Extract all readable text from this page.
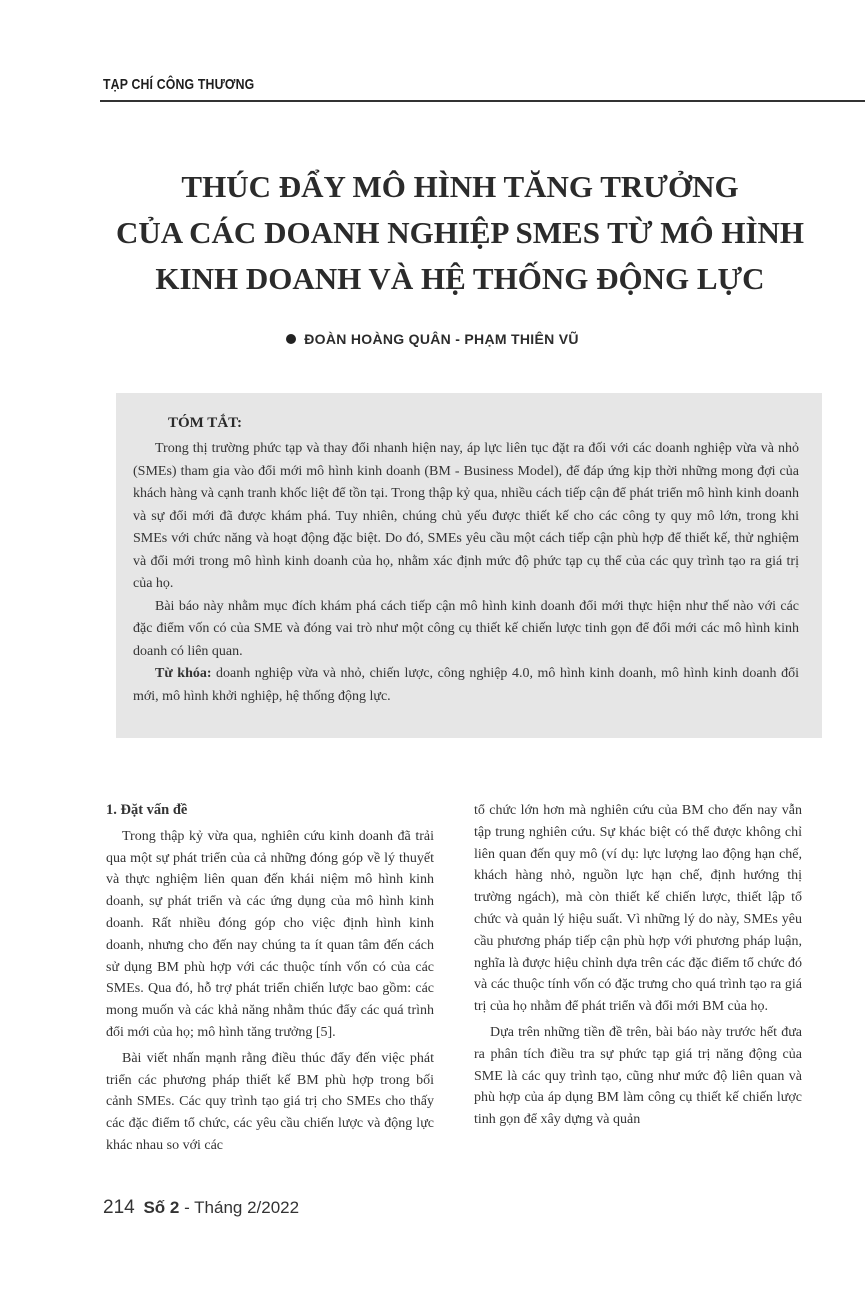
TẠP CHÍ CÔNG THƯƠNG
THÚC ĐẨY MÔ HÌNH TĂNG TRƯỞNG
CỦA CÁC DOANH NGHIỆP SMES TỪ MÔ HÌNH
KINH DOANH VÀ HỆ THỐNG ĐỘNG LỰC
ĐOÀN HOÀNG QUÂN - PHẠM THIÊN VŨ
TÓM TẮT:

Trong thị trường phức tạp và thay đổi nhanh hiện nay, áp lực liên tục đặt ra đối với các doanh nghiệp vừa và nhỏ (SMEs) tham gia vào đổi mới mô hình kinh doanh (BM - Business Model), để đáp ứng kịp thời những mong đợi của khách hàng và cạnh tranh khốc liệt để tồn tại. Trong thập kỷ qua, nhiều cách tiếp cận để phát triển mô hình kinh doanh và sự đổi mới đã được khám phá. Tuy nhiên, chúng chủ yếu được thiết kế cho các công ty quy mô lớn, trong khi SMEs với chức năng và hoạt động đặc biệt. Do đó, SMEs yêu cầu một cách tiếp cận phù hợp để thiết kế, thử nghiệm và đổi mới trong mô hình kinh doanh của họ, nhằm xác định mức độ phức tạp cụ thể của các quy trình tạo ra giá trị của họ.

Bài báo này nhằm mục đích khám phá cách tiếp cận mô hình kinh doanh đổi mới thực hiện như thế nào với các đặc điểm vốn có của SME và đóng vai trò như một công cụ thiết kế chiến lược tinh gọn để đổi mới các mô hình kinh doanh có liên quan.

Từ khóa: doanh nghiệp vừa và nhỏ, chiến lược, công nghiệp 4.0, mô hình kinh doanh, mô hình kinh doanh đổi mới, mô hình khởi nghiệp, hệ thống động lực.

1. Đặt vấn đề

Trong thập kỷ vừa qua, nghiên cứu kinh doanh đã trải qua một sự phát triển của cả những đóng góp về lý thuyết và thực nghiệm liên quan đến khái niệm mô hình kinh doanh, sự phát triển và các ứng dụng của mô hình kinh doanh. Rất nhiều đóng góp cho việc định hình kinh doanh, nhưng cho đến nay chúng ta ít quan tâm đến cách sử dụng BM phù hợp với các thuộc tính vốn có của các SMEs. Qua đó, hỗ trợ phát triển chiến lược bao gồm: các mong muốn và các khả năng nhằm thúc đẩy các quá trình đổi mới của họ; mô hình tăng trưởng [5].

Bài viết nhấn mạnh rằng điều thúc đẩy đến việc phát triển các phương pháp thiết kế BM phù hợp trong bối cảnh SMEs. Các quy trình tạo giá trị cho SMEs cho thấy các đặc điểm tổ chức, các yêu cầu chiến lược và động lực khác nhau so với các

tổ chức lớn hơn mà nghiên cứu của BM cho đến nay vẫn tập trung nghiên cứu. Sự khác biệt có thể được không chỉ liên quan đến quy mô (ví dụ: lực lượng lao động hạn chế, khách hàng nhỏ, nguồn lực hạn chế, định hướng thị trường ngách), mà còn thiết kế chiến lược, thiết lập tổ chức và quản lý hiệu suất. Vì những lý do này, SMEs yêu cầu phương pháp tiếp cận phù hợp với phương pháp luận, nghĩa là được hiệu chỉnh dựa trên các đặc điểm tổ chức đó và các thuộc tính vốn có đặc trưng cho quá trình tạo ra giá trị của họ nhằm để phát triển và đổi mới BM của họ.

Dựa trên những tiền đề trên, bài báo này trước hết đưa ra phân tích điều tra sự phức tạp giá trị năng động của SME là các quy trình tạo, cũng như mức độ liên quan và phù hợp của áp dụng BM làm công cụ thiết kế chiến lược tinh gọn để xây dựng và quản

214 Số 2 - Tháng 2/2022
